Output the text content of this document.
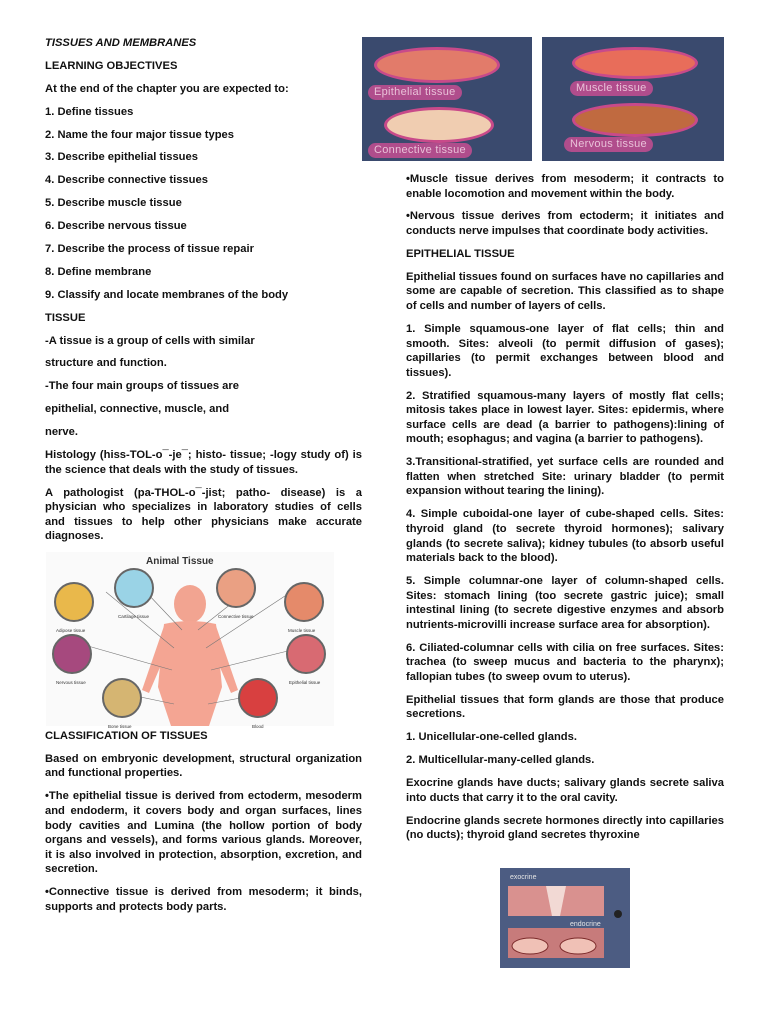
TISSUES AND MEMBRANES

LEARNING OBJECTIVES

At the end of the chapter you are expected to:

1. Define tissues

2. Name the four major tissue types

3. Describe epithelial tissues

4. Describe connective tissues

5. Describe muscle tissue

6. Describe nervous tissue

7. Describe the process of tissue repair

8. Define membrane

9. Classify and locate membranes of the body

TISSUE

-A tissue is a group of cells with similar

structure and function.

-The four main groups of tissues are

epithelial, connective, muscle, and

nerve.

Histology (hiss-TOL-o¯-je¯; histo- tissue; -logy study of) is the science that deals with the study of tissues.

A pathologist (pa-THOL-o¯-jist; patho- disease) is a physician who specializes in laboratory studies of cells and tissues to help other physicians make accurate diagnoses.

Animal Tissue
Adipose tissue
Cartilage tissue	Connective tissue
Muscle tissue
Nervous tissue	Epithelial tissue
Bone tissue	Blood

CLASSIFICATION OF TISSUES

Based on embryonic development, structural organization and functional properties.

•The epithelial tissue is derived from ectoderm, mesoderm and endoderm, it covers body and organ surfaces, lines body cavities and Lumina (the hollow portion of body organs and vessels), and forms various glands. Moreover, it is also involved in protection, absorption, excretion, and secretion.

•Connective tissue is derived from mesoderm; it binds, supports and protects body parts.

Epithelial tissue
Connective tissue
Muscle tissue
Nervous tissue

•Muscle tissue derives from mesoderm; it contracts to enable locomotion and movement within the body.

•Nervous tissue derives from ectoderm; it initiates and conducts nerve impulses that coordinate body activities.

EPITHELIAL TISSUE

Epithelial tissues found on surfaces have no capillaries and some are capable of secretion. This classified as to shape of cells and number of layers of cells.

1. Simple squamous-one layer of flat cells; thin and smooth. Sites: alveoli (to permit diffusion of gases); capillaries (to permit exchanges between blood and tissues).

2. Stratified squamous-many layers of mostly flat cells; mitosis takes place in lowest layer. Sites: epidermis, where surface cells are dead (a barrier to pathogens):lining of mouth; esophagus; and vagina (a barrier to pathogens).

3.Transitional-stratified, yet surface cells are rounded and flatten when stretched Site: urinary bladder (to permit expansion without tearing the lining).

4. Simple cuboidal-one layer of cube-shaped cells. Sites: thyroid gland (to secrete thyroid hormones); salivary glands (to secrete saliva); kidney tubules (to absorb useful materials back to the blood).

5. Simple columnar-one layer of column-shaped cells. Sites: stomach lining (too secrete gastric juice); small intestinal lining (to secrete digestive enzymes and absorb nutrients-microvilli increase surface area for absorption).

6. Ciliated-columnar cells with cilia on free surfaces. Sites: trachea (to sweep mucus and bacteria to the pharynx); fallopian tubes (to sweep ovum to uterus).

Epithelial tissues that form glands are those that produce secretions.

1. Unicellular-one-celled glands.

2. Multicellular-many-celled glands.

Exocrine glands have ducts; salivary glands secrete saliva into ducts that carry it to the oral cavity.

Endocrine glands secrete hormones directly into capillaries (no ducts); thyroid gland secretes thyroxine

exocrine
endocrine
